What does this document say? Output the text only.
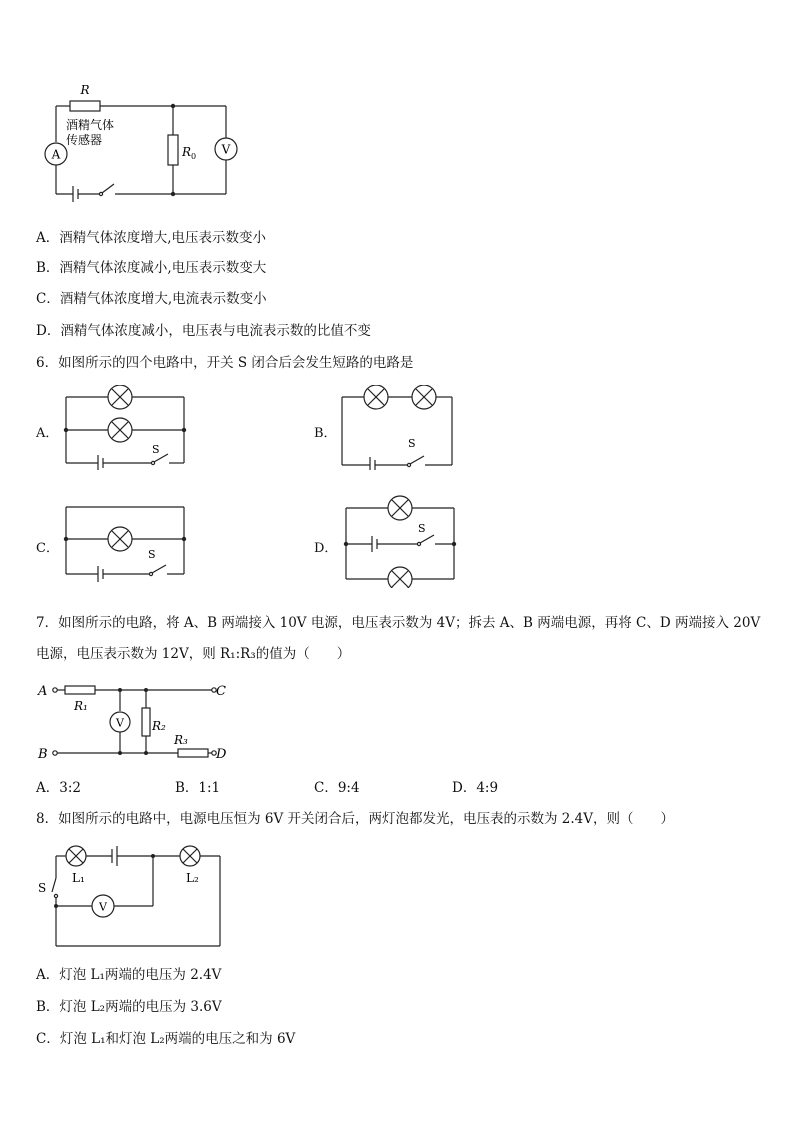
A	V
R
酒精气体
传感器
$R_0$
A．酒精气体浓度增大,电压表示数变小
B．酒精气体浓度减小,电压表示数变大
C．酒精气体浓度增大,电流表示数变小
D．酒精气体浓度减小，电压表与电流表示数的比值不变
6．如图所示的四个电路中，开关 S 闭合后会发生短路的电路是
A．	B．
C．	D．
S	S
S
S
7．如图所示的电路，将 A、B 两端接入 10V 电源，电压表示数为 4V；拆去 A、B 两端电源，再将 C、D 两端接入 20V
电源，电压表示数为 12V，则 R₁:R₃的值为（　　）
A
B
C
D
V
R₁
R₂
R₃
A．3:2	B．1:1	C．9:4	D．4:9
8．如图所示的电路中，电源电压恒为 6V 开关闭合后，两灯泡都发光，电压表的示数为 2.4V，则（　　）
V
L₁	L₂
S
A．灯泡 L₁两端的电压为 2.4V
B．灯泡 L₂两端的电压为 3.6V
C．灯泡 L₁和灯泡 L₂两端的电压之和为 6V
